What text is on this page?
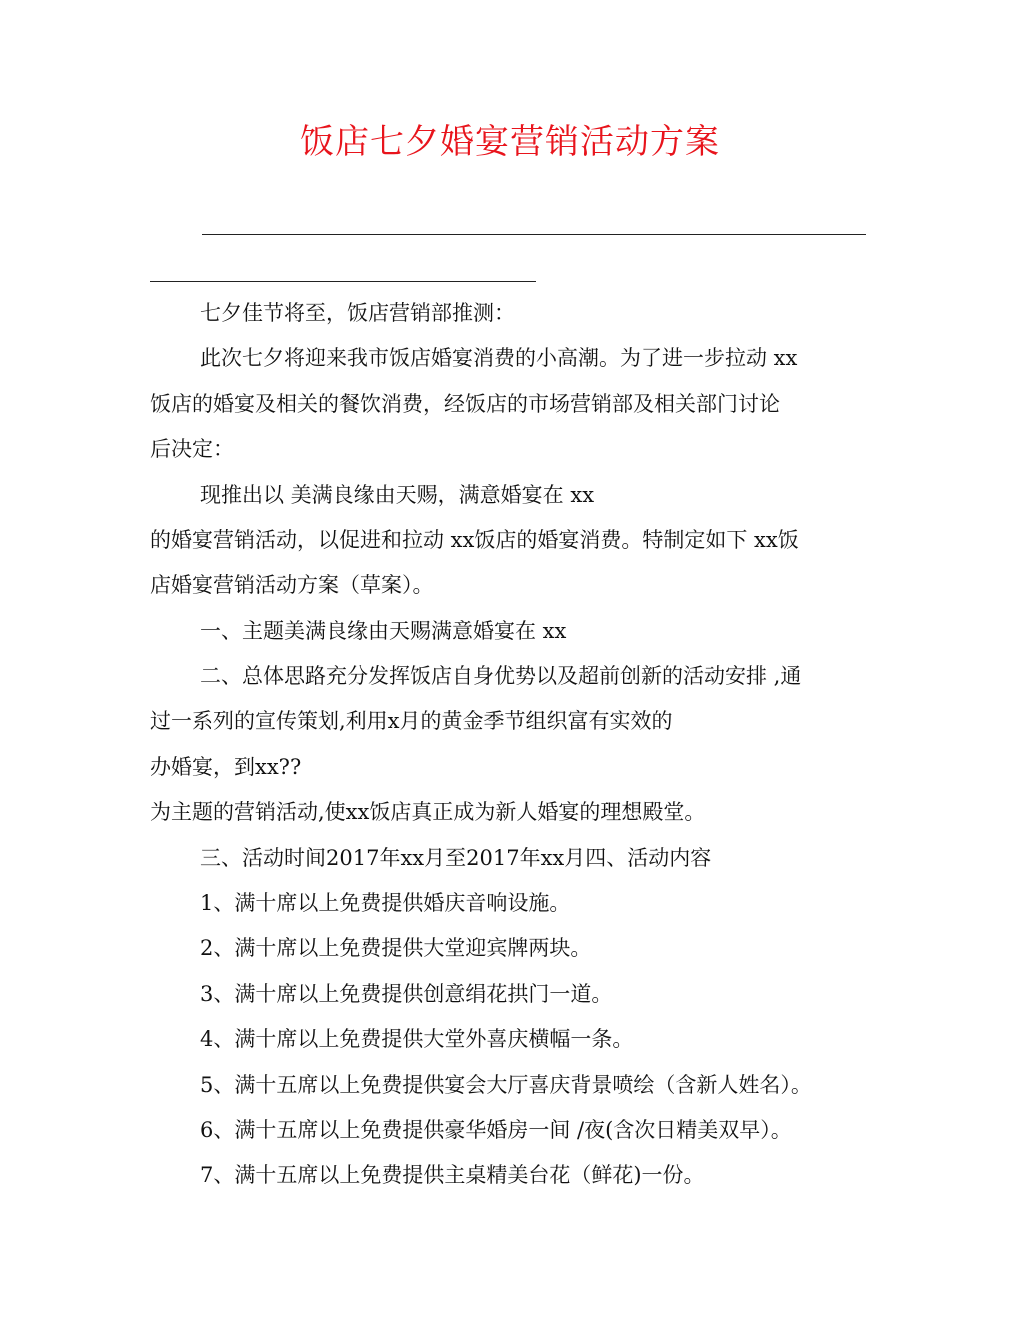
饭店七夕婚宴营销活动方案
七夕佳节将至，饭店营销部推测：
此次七夕将迎来我市饭店婚宴消费的小高潮。为了进一步拉动 xx
饭店的婚宴及相关的餐饮消费，经饭店的市场营销部及相关部门讨论
后决定：
现推出以 美满良缘由天赐，满意婚宴在 xx
的婚宴营销活动，以促进和拉动 xx饭店的婚宴消费。特制定如下 xx饭
店婚宴营销活动方案（草案）。
一、主题美满良缘由天赐满意婚宴在 xx
二、总体思路充分发挥饭店自身优势以及超前创新的活动安排 ,通
过一系列的宣传策划,利用x月的黄金季节组织富有实效的
办婚宴，到xx??
为主题的营销活动,使xx饭店真正成为新人婚宴的理想殿堂。
三、活动时间2017年xx月至2017年xx月四、活动内容
1、满十席以上免费提供婚庆音响设施。
2、满十席以上免费提供大堂迎宾牌两块。
3、满十席以上免费提供创意绢花拱门一道。
4、满十席以上免费提供大堂外喜庆横幅一条。
5、满十五席以上免费提供宴会大厅喜庆背景喷绘（含新人姓名）。
6、满十五席以上免费提供豪华婚房一间 /夜(含次日精美双早）。
7、满十五席以上免费提供主桌精美台花（鲜花)一份。
